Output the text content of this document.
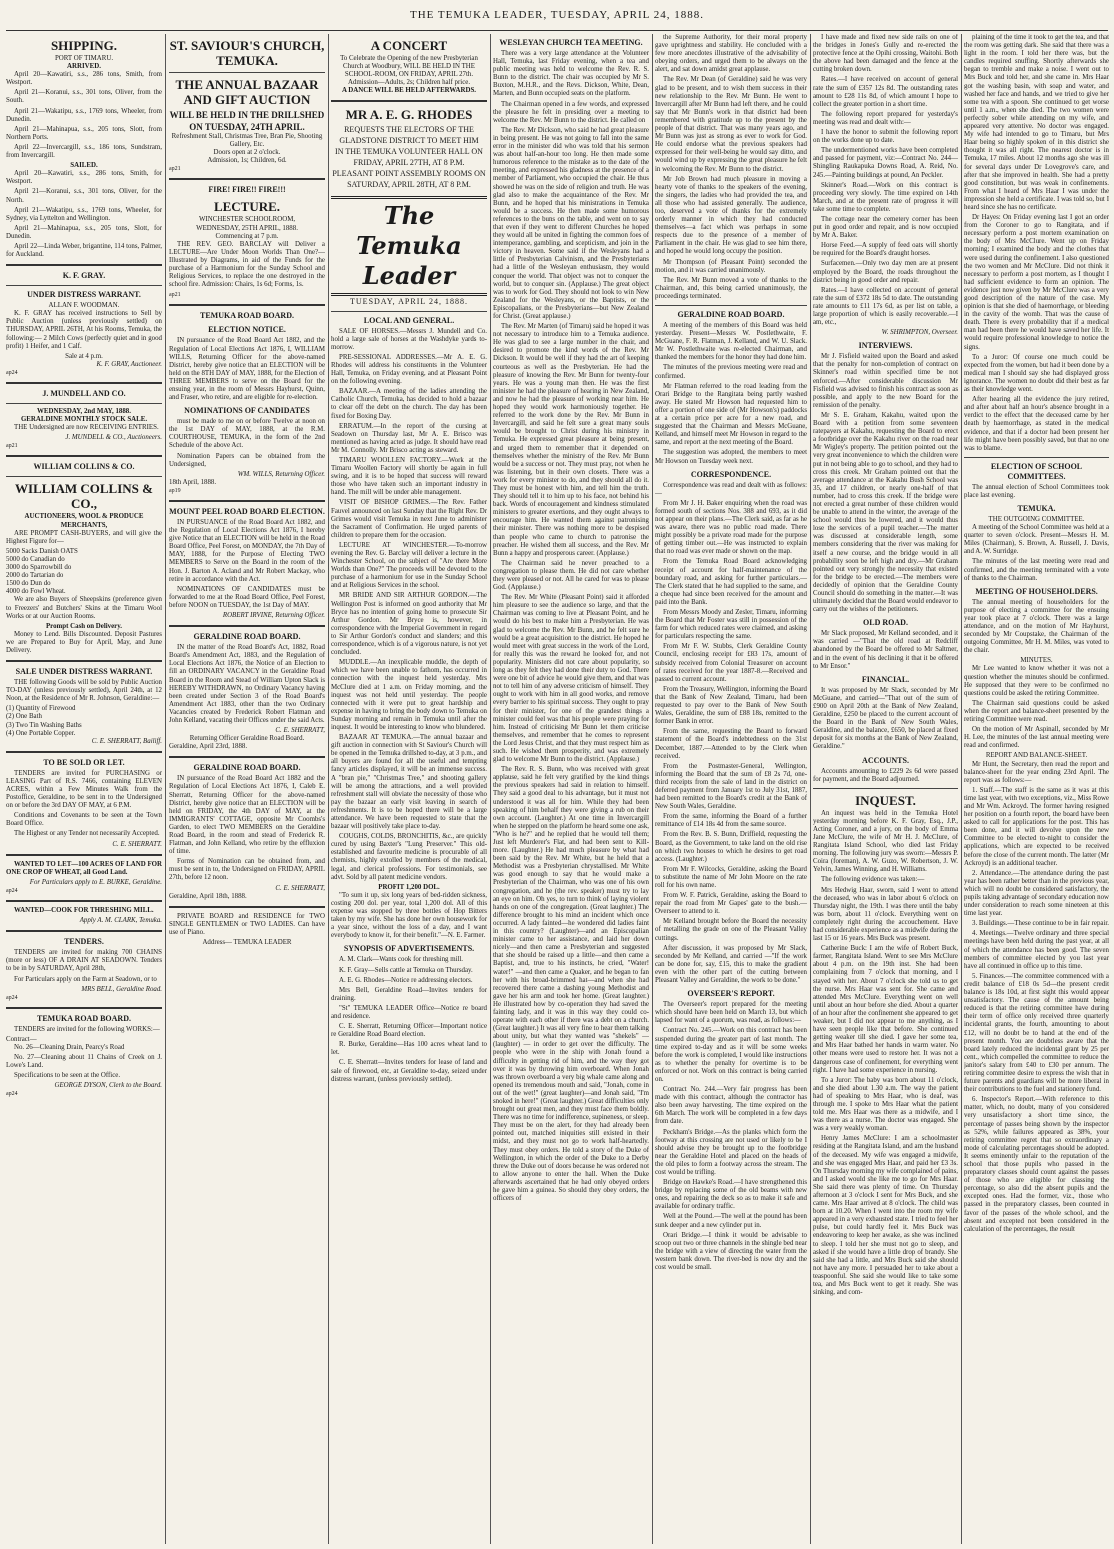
THE TEMUKA LEADER, TUESDAY, APRIL 24, 1888.
SHIPPING.
PORT OF TIMARU.
ARRIVED.
April 20—Kawatiri, s.s., 286 tons, Smith, from Westport.
April 21—Koranui, s.s., 301 tons, Oliver, from the South.
April 21—Wakatipu, s.s., 1769 tons, Wheeler, from Dunedin.
April 21—Mahinapua, s.s., 205 tons, Slott, from Northern Ports.
April 22—Invercargill, s.s., 186 tons, Sundstram, from Invercargill.
SAILED.
April 20—Kawatiri, s.s., 286 tons, Smith, for Westport.
April 21—Koranui, s.s., 301 tons, Oliver, for the North.
April 21—Wakatipu, s.s., 1769 tons, Wheeler, for Sydney, via Lyttelton and Wellington.
April 21—Mahinapua, s.s., 205 tons, Slott, for Dunedin.
April 22—Linda Weber, brigantine, 114 tons, Palmer, for Auckland.
K. F. GRAY.
UNDER DISTRESS WARRANT.
ALLAN F. WOODMAN.
K. F. GRAY has received instructions to Sell by Public Auction (unless previously settled) on THURSDAY, APRIL 26TH, At his Rooms, Temuka, the following:— 2 Milch Cows (perfectly quiet and in good profit) 1 Heifer, and 1 Calf.
Sale at 4 p.m.
K. F. GRAY, Auctioneer.
ap24
J. MUNDELL AND CO.
WEDNESDAY, 2nd MAY, 1888.
GERALDINE MONTHLY STOCK SALE.
THE Undersigned are now RECEIVING ENTRIES.
J. MUNDELL & CO., Auctioneers.
ap21
WILLIAM COLLINS & CO.
WILLIAM COLLINS & CO.,
AUCTIONEERS, WOOL & PRODUCE MERCHANTS,
ARE PROMPT CASH-BUYERS, and will give the Highest Figure for—
5000 Sacks Danish OATS
5000 do Canadian do
3000 do Sparrowbill do
2000 do Tartarian do
1500 do Dun do
4000 do Fowl Wheat.
We are also Buyers of Sheepskins (preference given to Freezers' and Butchers' Skins at the Timaru Wool Works or at our Auction Rooms.
Prompt Cash on Delivery.
Money to Lend. Bills Discounted. Deposit Pastures we are Prepared to Buy for April, May, and June Delivery.
SALE UNDER DISTRESS WARRANT.
THE following Goods will be sold by Public Auction TO-DAY (unless previously settled), April 24th, at 12 Noon, at the Residence of Mr R. Johnson, Geraldine:—
(1) Quantity of Firewood
(2) One Bath
(3) Two Tin Washing Baths
(4) One Portable Copper.
C. E. SHERRATT, Bailiff.
TO BE SOLD OR LET.
TENDERS are invited for PURCHASING or LEASING Part of R.S. 7466, containing ELEVEN ACRES, within a Few Minutes Walk from the Postoffice, Geraldine, to be sent in to the Undersigned on or before the 3rd DAY OF MAY, at 6 P.M.
Conditions and Covenants to be seen at the Town Board Office.
The Highest or any Tender not necessarily Accepted.
C. E. SHERRATT.
WANTED TO LET—100 ACRES OF LAND FOR ONE CROP OF WHEAT, all Good Land.
For Particulars apply to E. BURKE, Geraldine.
ap24
WANTED—COOK FOR THRESHING MILL.
Apply A. M. CLARK, Temuka.
TENDERS.
TENDERS are invited for making 700 CHAINS (more or less) OF A DRAIN AT SEADOWN. Tenders to be in by SATURDAY, April 28th,
For Particulars apply on the Farm at Seadown, or to
MRS BELL, Geraldine Road.
ap24
TEMUKA ROAD BOARD.
TENDERS are invited for the following WORKS:—
Contract—
No. 26—Cleaning Drain, Pearcy's Road
No. 27—Cleaning about 11 Chains of Creek on J. Lowe's Land.
Specifications to be seen at the Office.
GEORGE DYSON, Clerk to the Board.
ap24
ST. SAVIOUR'S CHURCH, TEMUKA.
THE ANNUAL BAZAAR AND GIFT AUCTION
WILL BE HELD IN THE DRILLSHED ON TUESDAY, 24TH APRIL.
Refreshment Stall, Christmas Tree, Bran Pie, Shooting Gallery, Etc.
Doors open at 2 o'clock.
Admission, 1s; Children, 6d.
ap21
FIRE! FIRE!! FIRE!!!
LECTURE.
WINCHESTER SCHOOLROOM,
WEDNESDAY, 25TH APRIL, 1888.
Commencing at 7 p.m.
THE REV. GEO. BARCLAY will Deliver a LECTURE—Are Under Moon Worlds Than One?—Illustrated by Diagrams, in aid of the Funds for the purchase of a Harmonium for the Sunday School and Religious Services, to replace the one destroyed in the school fire. Admission: Chairs, 1s 6d; Forms, 1s.
ap21
TEMUKA ROAD BOARD.
ELECTION NOTICE.
IN pursuance of the Road Board Act 1882, and the Regulation of Local Elections Act 1876, I, WILLIAM WILLS, Returning Officer for the above-named District, hereby give notice that an ELECTION will be held on the 8TH DAY of MAY, 1888, for the Election of THREE MEMBERS to serve on the Board for the ensuing year, in the room of Messrs Hayhurst, Quinn, and Fraser, who retire, and are eligible for re-election.
NOMINATIONS OF CANDIDATES
must be made to me on or before Twelve at noon on the 1st DAY of MAY, 1888, at the R.M. COURTHOUSE, TEMUKA, in the form of the 2nd Schedule of the above Act.
Nomination Papers can be obtained from the Undersigned,
WM. WILLS, Returning Officer.
18th April, 1888.
ap19
MOUNT PEEL ROAD BOARD ELECTION.
IN PURSUANCE of the Road Board Act 1882, and the Regulation of Local Elections Act 1876, I hereby give Notice that an ELECTION will be held in the Road Board Office, Peel Forest, on MONDAY, the 7th Day of MAY, 1888, for the Purpose of Electing TWO MEMBERS to Serve on the Board in the room of the Hon. J. Barton A. Acland and Mr Robert Mackay, who retire in accordance with the Act.
NOMINATIONS OF CANDIDATES must be forwarded to me at the Road Board Office, Peel Forest, before NOON on TUESDAY, the 1st Day of MAY.
ROBERT IRVINE, Returning Officer.
GERALDINE ROAD BOARD.
IN the matter of the Road Board's Act, 1882, Road Board's Amendment Act, 1883, and the Regulation of Local Elections Act 1876, the Notice of an Election to fill an ORDINARY VACANCY in the Geraldine Road Board in the Room and Stead of William Upton Slack is HEREBY WITHDRAWN, no Ordinary Vacancy having been created under Section 3 of the Road Board's Amendment Act 1883, other than the two Ordinary Vacancies created by Frederick Robert Flatman and John Kelland, vacating their Offices under the said Acts.
C. E. SHERRATT,
Returning Officer Geraldine Road Board.
Geraldine, April 23rd, 1888.
GERALDINE ROAD BOARD.
IN pursuance of the Road Board Act 1882 and the Regulation of Local Elections Act 1876, I, Caleb E. Sherratt, Returning Officer for the above-named District, hereby give notice that an ELECTION will be held on FRIDAY, the 4th DAY of MAY, at the IMMIGRANTS' COTTAGE, opposite Mr Coombs's Garden, to elect TWO MEMBERS on the Geraldine Road Board, in the room and stead of Frederick R. Flatman, and John Kelland, who retire by the effluxion of time.
Forms of Nomination can be obtained from, and must be sent in to, the Undersigned on FRIDAY, APRIL 27th, before 12 noon.
C. E. SHERRATT,
Geraldine, April 18th, 1888.
PRIVATE BOARD and RESIDENCE for TWO SINGLE GENTLEMEN or TWO LADIES. Can have use of Piano.
Address— TEMUKA LEADER
A CONCERT
To Celebrate the Opening of the new Presbyterian Church at Woodbury, WILL BE HELD IN THE SCHOOL-ROOM, ON FRIDAY, APRIL 27th.
Admission—Adults, 2s; Children half price.
A DANCE WILL BE HELD AFTERWARDS.
MR A. E. G. RHODES
REQUESTS THE ELECTORS OF THE GLADSTONE DISTRICT TO MEET HIM
IN THE TEMUKA VOLUNTEER HALL ON FRIDAY, APRIL 27TH, AT 8 P.M.
PLEASANT POINT ASSEMBLY ROOMS ON SATURDAY, APRIL 28TH, AT 8 P.M.
The Temuka Leader
TUESDAY, APRIL 24, 1888.
LOCAL AND GENERAL.
SALE OF HORSES.—Messrs J. Mundell and Co. hold a large sale of horses at the Washdyke yards to-morrow.
PRE-SESSIONAL ADDRESSES.—Mr A. E. G. Rhodes will address his constituents in the Volunteer Hall, Temuka, on Friday evening, and at Pleasant Point on the following evening.
BAZAAR.—A meeting of the ladies attending the Catholic Church, Temuka, has decided to hold a bazaar to clear off the debt on the church. The day has been fixed for Boxing Day.
ERRATUM.—In the report of the cursing at Seadown on Thursday last, Mr A. E. Brisco was mentioned as having acted as judge. It should have read Mr M. Connolly. Mr Brisco acting as steward.
TIMARU WOOLLEN FACTORY.—Work at the Timaru Woollen Factory will shortly be again in full swing, and it is to be hoped that success will reward those who have taken such an important industry in hand. The mill will be under able management.
VISIT OF BISHOP GRIMES.—The Rev. Father Fauvel announced on last Sunday that the Right Rev. Dr Grimes would visit Temuka in next June to administer the Sacrament of Confirmation. He urged parents of children to prepare them for the occasion.
LECTURE AT WINCHESTER.—To-morrow evening the Rev. G. Barclay will deliver a lecture in the Winchester School, on the subject of "Are there More Worlds than One?" The proceeds will be devoted to the purchase of a harmonium for use in the Sunday School and at Religious Services in the school.
MR BRIDE AND SIR ARTHUR GORDON.—The Wellington Post is informed on good authority that Mr Bryce has no intention of going home to prosecute Sir Arthur Gordon. Mr Bryce is, however, in correspondence with the Imperial Government in regard to Sir Arthur Gordon's conduct and slanders; and this correspondence, which is of a vigorous nature, is not yet concluded.
MUDDLE.—An inexplicable muddle, the depth of which we have been unable to fathom, has occurred in connection with the inquest held yesterday. Mrs McClure died at 1 a.m. on Friday morning, and the inquest was not held until yesterday. The people connected with it were put to great hardship and expense in having to bring the body down to Temuka on Sunday morning and remain in Temuka until after the inquest. It would be interesting to know who blundered.
BAZAAR AT TEMUKA.—The annual bazaar and gift auction in connection with St Saviour's Church will be opened in the Temuka drillshed to-day, at 3 p.m., and all buyers are found for all the useful and tempting fancy articles displayed, it will be an immense success. A "bran pie," "Christmas Tree," and shooting gallery will be among the attractions, and a well provided refreshment stall will obviate the necessity of those who pay the bazaar an early visit leaving in search of refreshments. It is to be hoped there will be a large attendance. We have been requested to state that the bazaar will positively take place to-day.
COUGHS, COLDS, BRONCHITIS, &c., are quickly cured by using Baxter's "Lung Preserver." This old-established and favourite medicine is procurable of all chemists, highly extolled by members of the medical, legal, and clerical professions. For testimonials, see advt. Sold by all patent medicine vendors.
PROFIT 1,200 DOL.
"To sum it up, six long years of bed-ridden sickness, costing 200 dol. per year, total 1,200 dol. All of this expense was stopped by three bottles of Hop Bitters taken by my wife. She has done her own housework for a year since, without the loss of a day, and I want everybody to know it, for their benefit."—N. E. Farmer.
SYNOPSIS OF ADVERTISEMENTS.
A. M. Clark—Wants cook for threshing mill.
K. F. Gray—Sells cattle at Temuka on Thursday.
A. E. G. Rhodes—Notice re addressing electors.
Mrs Bell, Geraldine Road—Invites tenders for draining.
"St" TEMUKA LEADER Office—Notice re board and residence.
C. E. Sherratt, Returning Officer—Important notice re Geraldine Road Board election.
R. Burke, Geraldine—Has 100 acres wheat land to let.
C. E. Sherratt—Invites tenders for lease of land and sale of firewood, etc, at Geraldine to-day, seized under distress warrant, (unless previously settled).
WESLEYAN CHURCH TEA MEETING.
There was a very large attendance at the Volunteer Hall, Temuka, last Friday evening, when a tea and public meeting was held to welcome the Rev. R. S. Bunn to the district. The chair was occupied by Mr S. Buxton, M.H.R., and the Revs. Dickson, White, Dean, Marten, and Bunn occupied seats on the platform.
The Chairman opened in a few words, and expressed the pleasure he felt in presiding over a meeting to welcome the Rev. Mr Bunn to the district. He called on
The Rev. Mr Dickson, who said he had great pleasure in being present. He was not going to fall into the same error in the minister did who was told that his sermon was about half-an-hour too long. He then made some humorous reference to the mistake as to the date of the meeting, and expressed his gladness at the presence of a member of Parliament, who occupied the chair. He thus showed he was on the side of religion and truth. He was glad also to make the acquaintance of the Rev. Mr Bunn, and he hoped that his ministrations in Temuka would be a success. He then made some humorous references to the buns on the table, and went on to say that even if they went to different Churches he hoped they would all be united in fighting the common foes of intemperance, gambling, and scepticism, and join in the victory in heaven. Some said if the Wesleyans had a little of Presbyterian Calvinism, and the Presbyterians had a little of the Wesleyan enthusiasm, they would conquer the world. That object was not to conquer the world, but to conquer sin. (Applause.) The great object was to work for God. They should not look to win New Zealand for the Wesleyans, or the Baptists, or the Episcopalians, or the Presbyterians—but New Zealand for Christ. (Great applause.)
The Rev. Mr Marten (of Timaru) said he hoped it was not necessary to introduce him to a Temuka audience. He was glad to see a large number in the chair, and desired to promote the kind words of the Rev. Mr Dickson. It would be well if they had the art of keeping courteous as well as the Presbyterian. He had the pleasure of knowing the Rev. Mr Bunn for twenty-four years. He was a young man then. He was the first minister he had the pleasure of hearing in New Zealand, and now he had the pleasure of working near him. He hoped they would work harmoniously together. He referred to the work done by the Rev. Mr Bunn in Invercargill, and said he felt sure a great many souls would be brought to Christ during his ministry in Temuka. He expressed great pleasure at being present, and urged them to remember that it depended on themselves whether the ministry of the Rev. Mr Bunn would be a success or not. They must pray, not when he was listening, but in their own closets. There was a work for every minister to do, and they should all do it. They must be honest with him, and tell him the truth. They should tell it to him up to his face, not behind his back. Words of encouragement and kindness stimulated ministers to greater exertions, and they ought always to encourage him. He wanted them against patronising their minister. There was nothing more to be despised than people who came to church to patronise the preacher. He wished them all success, and the Rev. Mr Bunn a happy and prosperous career. (Applause.)
The Chairman said he never preached to a congregation to please them. He did not care whether they were pleased or not. All he cared for was to please God. (Applause.)
The Rev. Mr White (Pleasant Point) said it afforded him pleasure to see the audience so large, and that the Chairman was coming to live at Pleasant Point, and he would do his best to make him a Presbyterian. He was glad to welcome the Rev. Mr Bunn, and he felt sure he would be a great acquisition to the district. He hoped he would meet with great success in the work of the Lord, for really this was the reward he looked for, and not popularity. Ministers did not care about popularity, so long as they felt they had done their duty to God. There were one bit of advice he would give them, and that was not to tell him of any adverse criticism of himself. They ought to work with him in all good works, and remove every barrier to his spiritual success. They ought to pray for their minister, for one of the grandest things a minister could feel was that his people were praying for him. Instead of criticising Mr Bunn let them criticise themselves, and remember that he comes to represent the Lord Jesus Christ, and that they must respect him as such. He wished them prosperity, and was extremely glad to welcome Mr Bunn to the district. (Applause.)
The Rev. R. S. Bunn, who was received with great applause, said he felt very gratified by the kind things the previous speakers had said in relation to himself. They said a good deal to his advantage, but it must not understood it was all for him. While they had been speaking of him behalf they were giving a rub on their own account. (Laughter.) At one time in Invercargill when he stepped on the platform he heard some one ask, "Who is he?" and he replied that he would tell them; Just left Murderer's Flat, and had been sent to Kill-more. (Laughter.) He had much pleasure by what had been said by the Rev. Mr White, but he held that a Methodist was a Presbyterian chrystallised. Mr White was good enough to say that he would make a Presbyterian of the Chairman, who was one of his own congregation, and he (the rev. speaker) must try to lay an eye on him. Oh yes, to turn to think of laying violent hands on one of the congregation. (Great laughter.) The difference brought to his mind an incident which once occurred. A lady fainted—he wondered did ladies faint in this country? (Laughter)—and an Episcopalian minister came to her assistance, and laid her down nicely—and then came a Presbyterian and suggested that she should be raised up a little—and then came a Baptist, and, true to his instincts, he cried, "Water! water!" —and then came a Quaker, and he began to fan her with his broad-brimmed hat—and when she had recovered there came a dashing young Methodist and gave her his arm and took her home. (Great laughter.) He illustrated how by co-operation they had saved the fainting lady, and it was in this way they could co-operate with each other if there was a debt on a church. (Great laughter.) It was all very fine to hear them talking about unity, but what they wanted was "shekels" — (laughter) — in order to get over the difficulty. The people who were in the ship with Jonah found a difficulty in getting rid of him, and the way they got over it was by throwing him overboard. When Jonah was thrown overboard a very big whale came along and opened its tremendous mouth and said, "Jonah, come in out of the wet!" (great laughter)—and Jonah said, "I'm snoked in here!" (Great laughter.) Great difficulties only brought out great men, and they must face them boldly. There was no time for indifference, supineness, or sleep. They must be on the alert, for they had already been pointed out, matched iniquities still existed in their midst, and they must not go to work half-heartedly. They must obey orders. He told a story of the Duke of Wellington, in which the order of the Duke to a Derby threw the Duke out of doors because he was ordered not to allow anyone to enter the hall. When the Duke afterwards ascertained that he had only obeyed orders he gave him a guinea. So should they obey orders, the officers of
the Supreme Authority, for their moral property gave uprightness and stability. He concluded with a few more anecdotes illustrative of the advisability of obeying orders, and urged them to be always on the alert, and sat down amidst great applause.
The Rev. Mr Dean (of Geraldine) said he was very glad to be present, and to wish them success in their new relationship to the Rev. Mr Bunn. He went to Invercargill after Mr Bunn had left there, and he could say that Mr Bunn's work in that district had been remembered with gratitude up to the present by the people of that district. That was many years ago, and Mr Bunn was just as strong as ever to work for God. He could endorse what the previous speakers had expressed for their well-being he would say ditto, and would wind up by expressing the great pleasure he felt in welcoming the Rev. Mr Bunn to the district.
Mr Job Brown had much pleasure in moving a hearty vote of thanks to the speakers of the evening, the singers, the ladies who had provided the tea, and all those who had assisted generally. The audience, too, deserved a vote of thanks for the extremely orderly manner in which they had conducted themselves—a fact which was perhaps in some respects due to the presence of a member of Parliament in the chair. He was glad to see him there, and hoped he would long occupy the position.
Mr Thompson (of Pleasant Point) seconded the motion, and it was carried unanimously.
The Rev. Mr Bunn moved a vote of thanks to the Chairman, and, this being carried unanimously, the proceedings terminated.
GERALDINE ROAD BOARD.
A meeting of the members of this Board was held yesterday. Present—Messrs W. Postlethwaite, F. McGuane, F. R. Flatman, J. Kelland, and W. U. Slack. Mr W. Postlethwaite was re-elected Chairman, and thanked the members for the honor they had done him.
The minutes of the previous meeting were read and confirmed.
Mr Flatman referred to the road leading from the Orari Bridge to the Rangitata being partly washed away. He stated Mr Howson had requested him to offer a portion of one side of (Mr Howson's) paddocks at a certain price per acre for a new road, and suggested that the Chairman and Messrs McGuane, Kelland, and himself meet Mr Howson in regard to the same, and report at the next meeting of the Board.
The suggestion was adopted, the members to meet Mr Howson on Tuesday week next.
CORRESPONDENCE.
Correspondence was read and dealt with as follows:—
From Mr J. H. Baker enquiring when the road was formed south of sections Nos. 388 and 693, as it did not appear on their plans.—The Clerk said, as far as he was aware, there was no public road made. There might possibly be a private road made for the purpose of getting timber out.—He was instructed to explain that no road was ever made or shown on the map.
From the Temuka Road Board acknowledging receipt of account for half-maintenance of the boundary road, and asking for further particulars.—The Clerk stated that he had supplied to the same, and a cheque had since been received for the amount and paid into the Bank.
From Messrs Moody and Zesler, Timaru, informing the Board that Mr Foster was still in possession of the farm for which reduced rates were claimed, and asking for particulars respecting the same.
From Mr F. W. Stubbs, Clerk Geraldine County Council, enclosing receipt for £83 17s, amount of subsidy received from Colonial Treasurer on account of rates received for the year 1887-8.—Received and passed to current account.
From the Treasury, Wellington, informing the Board that the Bank of New Zealand, Timaru, had been requested to pay over to the Bank of New South Wales, Geraldine, the sum of £88 18s, remitted to the former Bank in error.
From the same, requesting the Board to forward statement of the Board's indebtedness on the 31st December, 1887.—Attended to by the Clerk when received.
From the Postmaster-General, Wellington, informing the Board that the sum of £8 2s 7d, one-third receipts from the sale of land in the district on deferred payment from January 1st to July 31st, 1887, had been remitted to the Board's credit at the Bank of New South Wales, Geraldine.
From the same, informing the Board of a further remittance of £14 18s 4d from the same source.
From the Rev. B. S. Bunn, Driffield, requesting the Board, as the Government, to take land on the old rise on which two houses to which he desires to get road access. (Laughter.)
From Mr F. Wilcocks, Geraldine, asking the Board to substitute the name of Mr John Moore on the rate roll for his own name.
From W. F. Patrick, Geraldine, asking the Board to repair the road from Mr Gapes' gate to the bush.—Overseer to attend to it.
Mr Kelland brought before the Board the necessity of metalling the grade on one of the Pleasant Valley cuttings.
After discussion, it was proposed by Mr Slack, seconded by Mr Kelland, and carried —"If the work can be done for, say, £15, this to make the gradient even with the other part of the cutting between Pleasant Valley and Geraldine, the work to be done."
OVERSEER'S REPORT.
The Overseer's report prepared for the meeting which should have been held on March 13, but which lapsed for want of a quorum, was read, as follows:—
Contract No. 245.—Work on this contract has been suspended during the greater part of last month. The time expired to-day and as it will be some weeks before the work is completed, I would like instructions as to whether the penalty for overtime is to be enforced or not. Work on this contract is being carried on.
Contract No. 244.—Very fair progress has been made with this contract, although the contractor has also been away harvesting. The time expired on the 6th March. The work will be completed in a few days from date.
Peckham's Bridge.—As the planks which form the footway at this crossing are not used or likely to be I should advise they be brought up to the footbridge near the Geraldine Hotel and placed on the heads of the old piles to form a footway across the stream. The cost would be trifling.
Bridge on Hawke's Road.—I have strengthened this bridge by replacing some of the old beams with new ones, and repairing the deck so as to make it safe and available for ordinary traffic.
Well at the Pound.—The well at the pound has been sunk deeper and a new cylinder put in.
Orari Bridge.—I think it would be advisable to scoop out two or three channels in the shingle bed near the bridge with a view of directing the water from the western bank down. The river-bed is now dry and the cost would be small.
I have made and fixed new side rails on one of the bridges in Jones's Gully and re-erected the protective fence at the Opihi crossing, Waitohi. Both the above had been damaged and the fence at the cutting broken down.
Rates.—I have received on account of general rate the sum of £357 12s 8d. The outstanding rates amount to £28 11s 8d, of which amount I hope to collect the greater portion in a short time.
The following report prepared for yesterday's meeting was read and dealt with:—
I have the honor to submit the following report on the works done up to date.
The undermentioned works have been completed and passed for payment, viz:—Contract No. 244—Shingling Raukapuka Downs Road, A. Reid, No. 245.—Painting buildings at pound, An Peckler.
Skinner's Road.—Work on this contract is proceeding very slowly. The time expired on 14th March, and at the present rate of progress it will take some time to complete.
The cottage near the cemetery corner has been put in good order and repair, and is now occupied by Mr A. Baker.
Horse Feed.—A supply of feed oats will shortly be required for the Board's draught horses.
Surfacemen.—Only two day men are at present employed by the Board, the roads throughout the district being in good order and repair.
Rates.—I have collected on account of general rate the sum of £372 18s 5d to date. The outstanding rate amounts to £11 17s 6d, as per list on table, a large proportion of which is easily recoverable.—I am, etc.,
W. SHRIMPTON, Overseer.
INTERVIEWS.
Mr J. Fisfield waited upon the Board and asked that the penalty for non-completion of contract on Skinner's road within specified time be not enforced.—After considerable discussion Mr Fisfield was advised to finish his contract as soon as possible, and apply to the new Board for the remission of the penalty.
Mr S. E. Graham, Kakahu, waited upon the Board with a petition from some seventeen ratepayers at Kakahu, requesting the Board to erect a footbridge over the Kakahu river on the road near Mr Wigley's property. The petition pointed out the very great inconvenience to which the children were put in not being able to go to school, and they had to cross this creek. Mr Graham pointed out that the average attendance at the Kakahu Bush School was 35, and 17 children, or nearly one-half of that number, had to cross this creek. If the bridge were not erected a great number of these children would be unable to attend in the winter, the average of the school would thus be lowered, and it would thus lose the services of a pupil teacher.—The matter was discussed at considerable length, some members considering that the river was making for itself a new course, and the bridge would in all probability soon be left high and dry.—Mr Graham pointed out very strongly the necessity that existed for the bridge to be erected.—The members were decidedly of opinion that the Geraldine County Council should do something in the matter.—It was ultimately decided that the Board would endeavor to carry out the wishes of the petitioners.
OLD ROAD.
Mr Slack proposed, Mr Kelland seconded, and it was carried —"That the old road at Redcliff abandoned by the Board be offered to Mr Saltmer, and in the event of his declining it that it be offered to Mr Ensor."
FINANCIAL.
It was proposed by Mr Slack, seconded by Mr McGuane, and carried—"That out of the sum of £900 on April 20th at the Bank of New Zealand, Geraldine, £250 be placed to the current account of the Board in the Bank of New South Wales, Geraldine, and the balance, £650, be placed at fixed deposit for six months at the Bank of New Zealand, Geraldine."
ACCOUNTS.
Accounts amounting to £229 2s 6d were passed for payment, and the Board adjourned.
INQUEST.
An inquest was held in the Temuka Hotel yesterday morning before K. F. Gray, Esq., J.P., Acting Coroner, and a jury, on the body of Emma Jane McClure, the wife of Mr H. J. McClure, of Rangitata Island School, who died last Friday morning. The following jury was sworn:—Messrs P. Coira (foreman), A. W. Guzo, W. Robertson, J. W. Yelvin, James Winning, and H. Williams.
The following evidence was taken:—
Mrs Hedwig Haar, sworn, said I went to attend the deceased, who was in labor about 6 o'clock on Thursday night, the 19th. I was there until the baby was born, about 11 o'clock. Everything went on completely right during the accouchement. Have had considerable experience as a midwife during the last 15 or 16 years. Mrs Buck was present.
Catherine Buck: I am the wife of Robert Buck, farmer, Rangitata Island. Went to see Mrs McClure about 4 p.m. on the 19th inst. She had been complaining from 7 o'clock that morning, and I stayed with her. About 7 o'clock she told us to get the nurse. Mrs Haar was sent for. She came and attended Mrs McClure. Everything went on well until about an hour before she died. About a quarter of an hour after the confinement she appeared to get weaker, but I did not appear to me anything, as I have seen people like that before. She continued getting weaker till she died. I gave her some tea, and Mrs Haar bathed her hands in warm water. No other means were used to restore her. It was not a dangerous case of confinement, for everything went right. I have had some experience in nursing.
To a Juror: The baby was born about 11 o'clock, and she died about 1.30 a.m. The way the patient had of speaking to Mrs Haar, who is deaf, was through me. I spoke to Mrs Haar what the patient told me. Mrs Haar was there as a midwife, and I was there as a nurse. The doctor was engaged. She was a very weakly woman.
Henry James McClure: I am a schoolmaster residing at the Rangitata Island, and am the husband of the deceased. My wife was engaged a midwife, and she was engaged Mrs Haar, and paid her £3 3s. On Thursday morning my wife complained of pains, and I asked would she like me to go for Mrs Haar. She said there was plenty of time. On Thursday afternoon at 3 o'clock I sent for Mrs Buck, and she came. Mrs Haar arrived at 8 o'clock. The child was born at 10.20. When I went into the room my wife appeared in a very exhausted state. I tried to feel her pulse, but could hardly feel it. Mrs Buck was endeavoring to keep her awake, as she was inclined to sleep. I told her she must not go to sleep, and asked if she would have a little drop of brandy. She said she had a little, and Mrs Buck said she should not have any more. I persuaded her to take about a teaspoonful. She said she would like to take some tea, and Mrs Buck went to get it ready. She was sinking, and com-
plaining of the time it took to get the tea, and that the room was getting dark. She said that there was a light in the room. I told her there was, but the candles required snuffing. Shortly afterwards she began to tremble and make a noise. I went out to Mrs Buck and told her, and she came in. Mrs Haar got the washing basin, with soap and water, and washed her face and hands, and we tried to give her some tea with a spoon. She continued to get worse until 1 a.m., when she died. The two women were perfectly sober while attending on my wife, and appeared very attentive. No doctor was engaged. My wife had intended to go to Timaru, but Mrs Haar being so highly spoken of in this district she thought it was all right. The nearest doctor is in Temuka, 17 miles. About 12 months ago she was ill for several days under Dr Lovegrove's care, and after that she improved in health. She had a pretty good constitution, but was weak in confinements. From what I heard of Mrs Haar I was under the impression she held a certificate. I was told so, but I heard since she has no certificate.
Dr Hayes: On Friday evening last I got an order from the Coroner to go to Rangitata, and if necessary perform a post mortem examination on the body of Mrs McClure. Went up on Friday morning; I examined the body and the clothes that were used during the confinement. I also questioned the two women and Mr McClure. Did not think it necessary to perform a post mortem, as I thought I had sufficient evidence to form an opinion. The evidence just now given by Mr McClure was a very good description of the nature of the case. My opinion is that she died of haemorrhage, or bleeding in the cavity of the womb. That was the cause of death. There is every probability that if a medical man had been there he would have saved her life. It would require professional knowledge to notice the signs.
To a Juror: Of course one much could be expected from the women, but had it been done by a medical man I should say she had displayed gross ignorance. The women no doubt did their best as far as their knowledge went.
After hearing all the evidence the jury retired, and after about half an hour's absence brought in a verdict to the effect that the deceased came by her death by haemorrhage, as stated in the medical evidence, and that if a doctor had been present her life might have been possibly saved, but that no one was to blame.
ELECTION OF SCHOOL COMMITTEES.
The annual election of School Committees took place last evening.
TEMUKA.
THE OUTGOING COMMITTEE.
A meeting of the School Committee was held at a quarter to seven o'clock. Present—Messrs H. M. Miles (Chairman), S. Brown, A. Russell, J. Davis, and A. W. Surridge.
The minutes of the last meeting were read and confirmed, and the meeting terminated with a vote of thanks to the Chairman.
MEETING OF HOUSEHOLDERS.
The annual meeting of householders for the purpose of electing a committee for the ensuing year took place at 7 o'clock. There was a large attendance, and on the motion of Mr Hayhurst, seconded by Mr Coupstake, the Chairman of the outgoing Committee, Mr H. M. Miles, was voted to the chair.
MINUTES.
Mr Lee wanted to know whether it was not a question whether the minutes should be confirmed. He supposed that they were to be confirmed no questions could be asked the retiring Committee.
The Chairman said questions could be asked when the report and balance-sheet presented by the retiring Committee were read.
On the motion of Mr Aspinall, seconded by Mr H. Lee, the minutes of the last annual meeting were read and confirmed.
REPORT AND BALANCE-SHEET.
Mr Hunt, the Secretary, then read the report and balance-sheet for the year ending 23rd April. The report was as follows:—
1. Staff.—The staff is the same as it was at this time last year, with two exceptions, viz., Miss Rowe and Mr Wm. Ackroyd. The former having resigned her position on a fourth report, the board have been asked to call for applications for the post. This has been done, and it will devolve upon the new Committee to be elected to-night to consider the applications, which are expected to be received before the close of the current month. The latter (Mr Ackroyd) is an additional teacher.
2. Attendance.—The attendance during the past year has been rather better than in the previous year, which will no doubt be considered satisfactory, the pupils taking advantage of secondary education now under consideration to reach some nineteen at this time last year.
3. Buildings.—These continue to be in fair repair.
4. Meetings.—Twelve ordinary and three special meetings have been held during the past year, at all of which the attendance has been good. The seven members of committee elected by you last year have all continued in office up to this time.
5. Finances.—The committee commenced with a credit balance of £18 0s 5d—the present credit balance is 18s 10d, at first sight this would appear unsatisfactory. The cause of the amount being reduced is that the retiring committee have during their term of office only received three quarterly incidental grants, the fourth, amounting to about £12, will no doubt be to hand at the end of the present month. You are doubtless aware that the board lately reduced the incidental grant by 25 per cent., which compelled the committee to reduce the janitor's salary from £40 to £30 per annum. The retiring committee desire to express the wish that in future parents and guardians will be more liberal in their contributions to the fuel and stationery fund.
6. Inspector's Report.—With reference to this matter, which, no doubt, many of you considered very unsatisfactory a short time since, the percentage of passes being shown by the inspector as 52%, while failures appeared as 38%, your retiring committee regret that so extraordinary a mode of calculating percentages should be adopted. It seems eminently unfair to the reputation of the school that those pupils who passed in the preparatory classes should count against the passes of those who are eligible for classing the percentage, so also did the absent pupils and the excepted ones. Had the former, viz., those who passed in the preparatory classes, been counted in favor of the passes of the whole school, and the absent and excepted not been considered in the calculation of the percentages, the result
